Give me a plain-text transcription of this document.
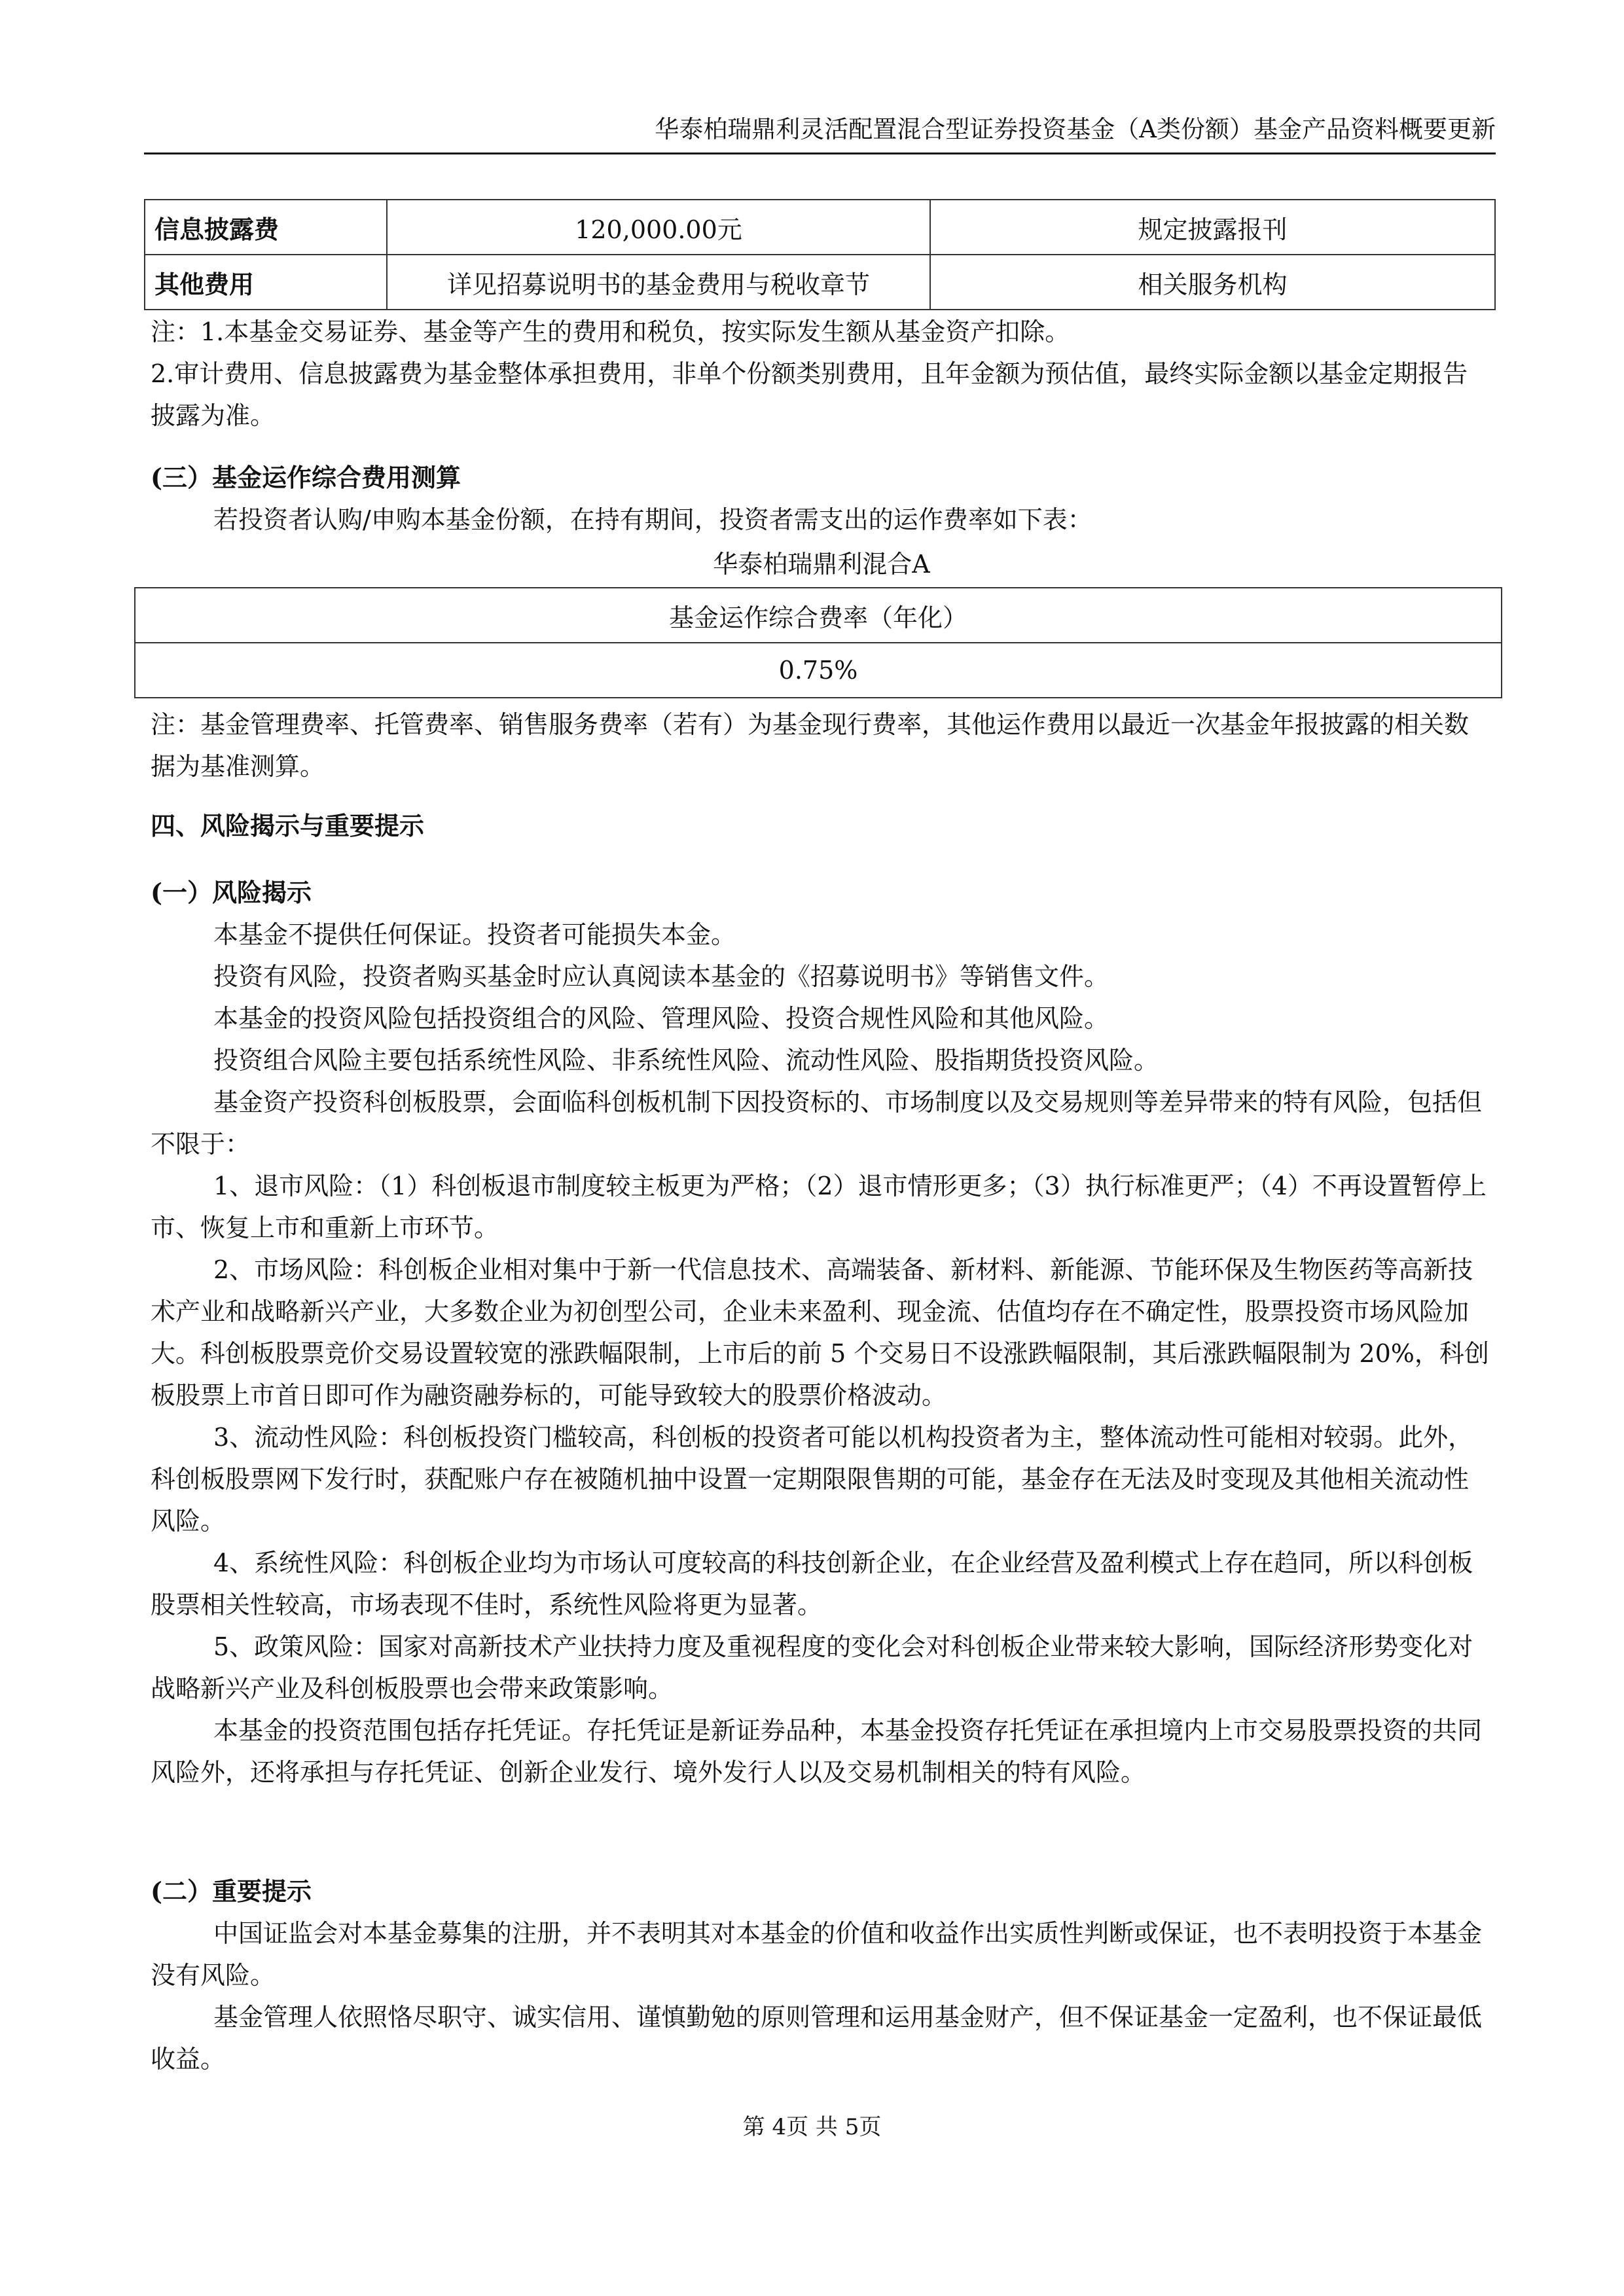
华泰柏瑞鼎利灵活配置混合型证券投资基金（A类份额）基金产品资料概要更新
信息披露费	120,000.00元	规定披露报刊
其他费用	详见招募说明书的基金费用与税收章节	相关服务机构

注：1.本基金交易证券、基金等产生的费用和税负，按实际发生额从基金资产扣除。

2.审计费用、信息披露费为基金整体承担费用，非单个份额类别费用，且年金额为预估值，最终实际金额以基金定期报告披露为准。

(三）基金运作综合费用测算

若投资者认购/申购本基金份额，在持有期间，投资者需支出的运作费率如下表：

华泰柏瑞鼎利混合A
基金运作综合费率（年化）
0.75%

注：基金管理费率、托管费率、销售服务费率（若有）为基金现行费率，其他运作费用以最近一次基金年报披露的相关数据为基准测算。

四、风险揭示与重要提示

(一）风险揭示

本基金不提供任何保证。投资者可能损失本金。

投资有风险，投资者购买基金时应认真阅读本基金的《招募说明书》等销售文件。

本基金的投资风险包括投资组合的风险、管理风险、投资合规性风险和其他风险。

投资组合风险主要包括系统性风险、非系统性风险、流动性风险、股指期货投资风险。

基金资产投资科创板股票，会面临科创板机制下因投资标的、市场制度以及交易规则等差异带来的特有风险，包括但不限于：

1、退市风险：（1）科创板退市制度较主板更为严格；（2）退市情形更多；（3）执行标准更严；（4）不再设置暂停上市、恢复上市和重新上市环节。

2、市场风险：科创板企业相对集中于新一代信息技术、高端装备、新材料、新能源、节能环保及生物医药等高新技术产业和战略新兴产业，大多数企业为初创型公司，企业未来盈利、现金流、估值均存在不确定性，股票投资市场风险加大。科创板股票竞价交易设置较宽的涨跌幅限制，上市后的前 5 个交易日不设涨跌幅限制，其后涨跌幅限制为 20%，科创板股票上市首日即可作为融资融券标的，可能导致较大的股票价格波动。

3、流动性风险：科创板投资门槛较高，科创板的投资者可能以机构投资者为主，整体流动性可能相对较弱。此外，科创板股票网下发行时，获配账户存在被随机抽中设置一定期限限售期的可能，基金存在无法及时变现及其他相关流动性风险。

4、系统性风险：科创板企业均为市场认可度较高的科技创新企业，在企业经营及盈利模式上存在趋同，所以科创板股票相关性较高，市场表现不佳时，系统性风险将更为显著。

5、政策风险：国家对高新技术产业扶持力度及重视程度的变化会对科创板企业带来较大影响，国际经济形势变化对战略新兴产业及科创板股票也会带来政策影响。

本基金的投资范围包括存托凭证。存托凭证是新证券品种，本基金投资存托凭证在承担境内上市交易股票投资的共同风险外，还将承担与存托凭证、创新企业发行、境外发行人以及交易机制相关的特有风险。

(二）重要提示

中国证监会对本基金募集的注册，并不表明其对本基金的价值和收益作出实质性判断或保证，也不表明投资于本基金没有风险。

基金管理人依照恪尽职守、诚实信用、谨慎勤勉的原则管理和运用基金财产，但不保证基金一定盈利，也不保证最低收益。

第 4页 共 5页
